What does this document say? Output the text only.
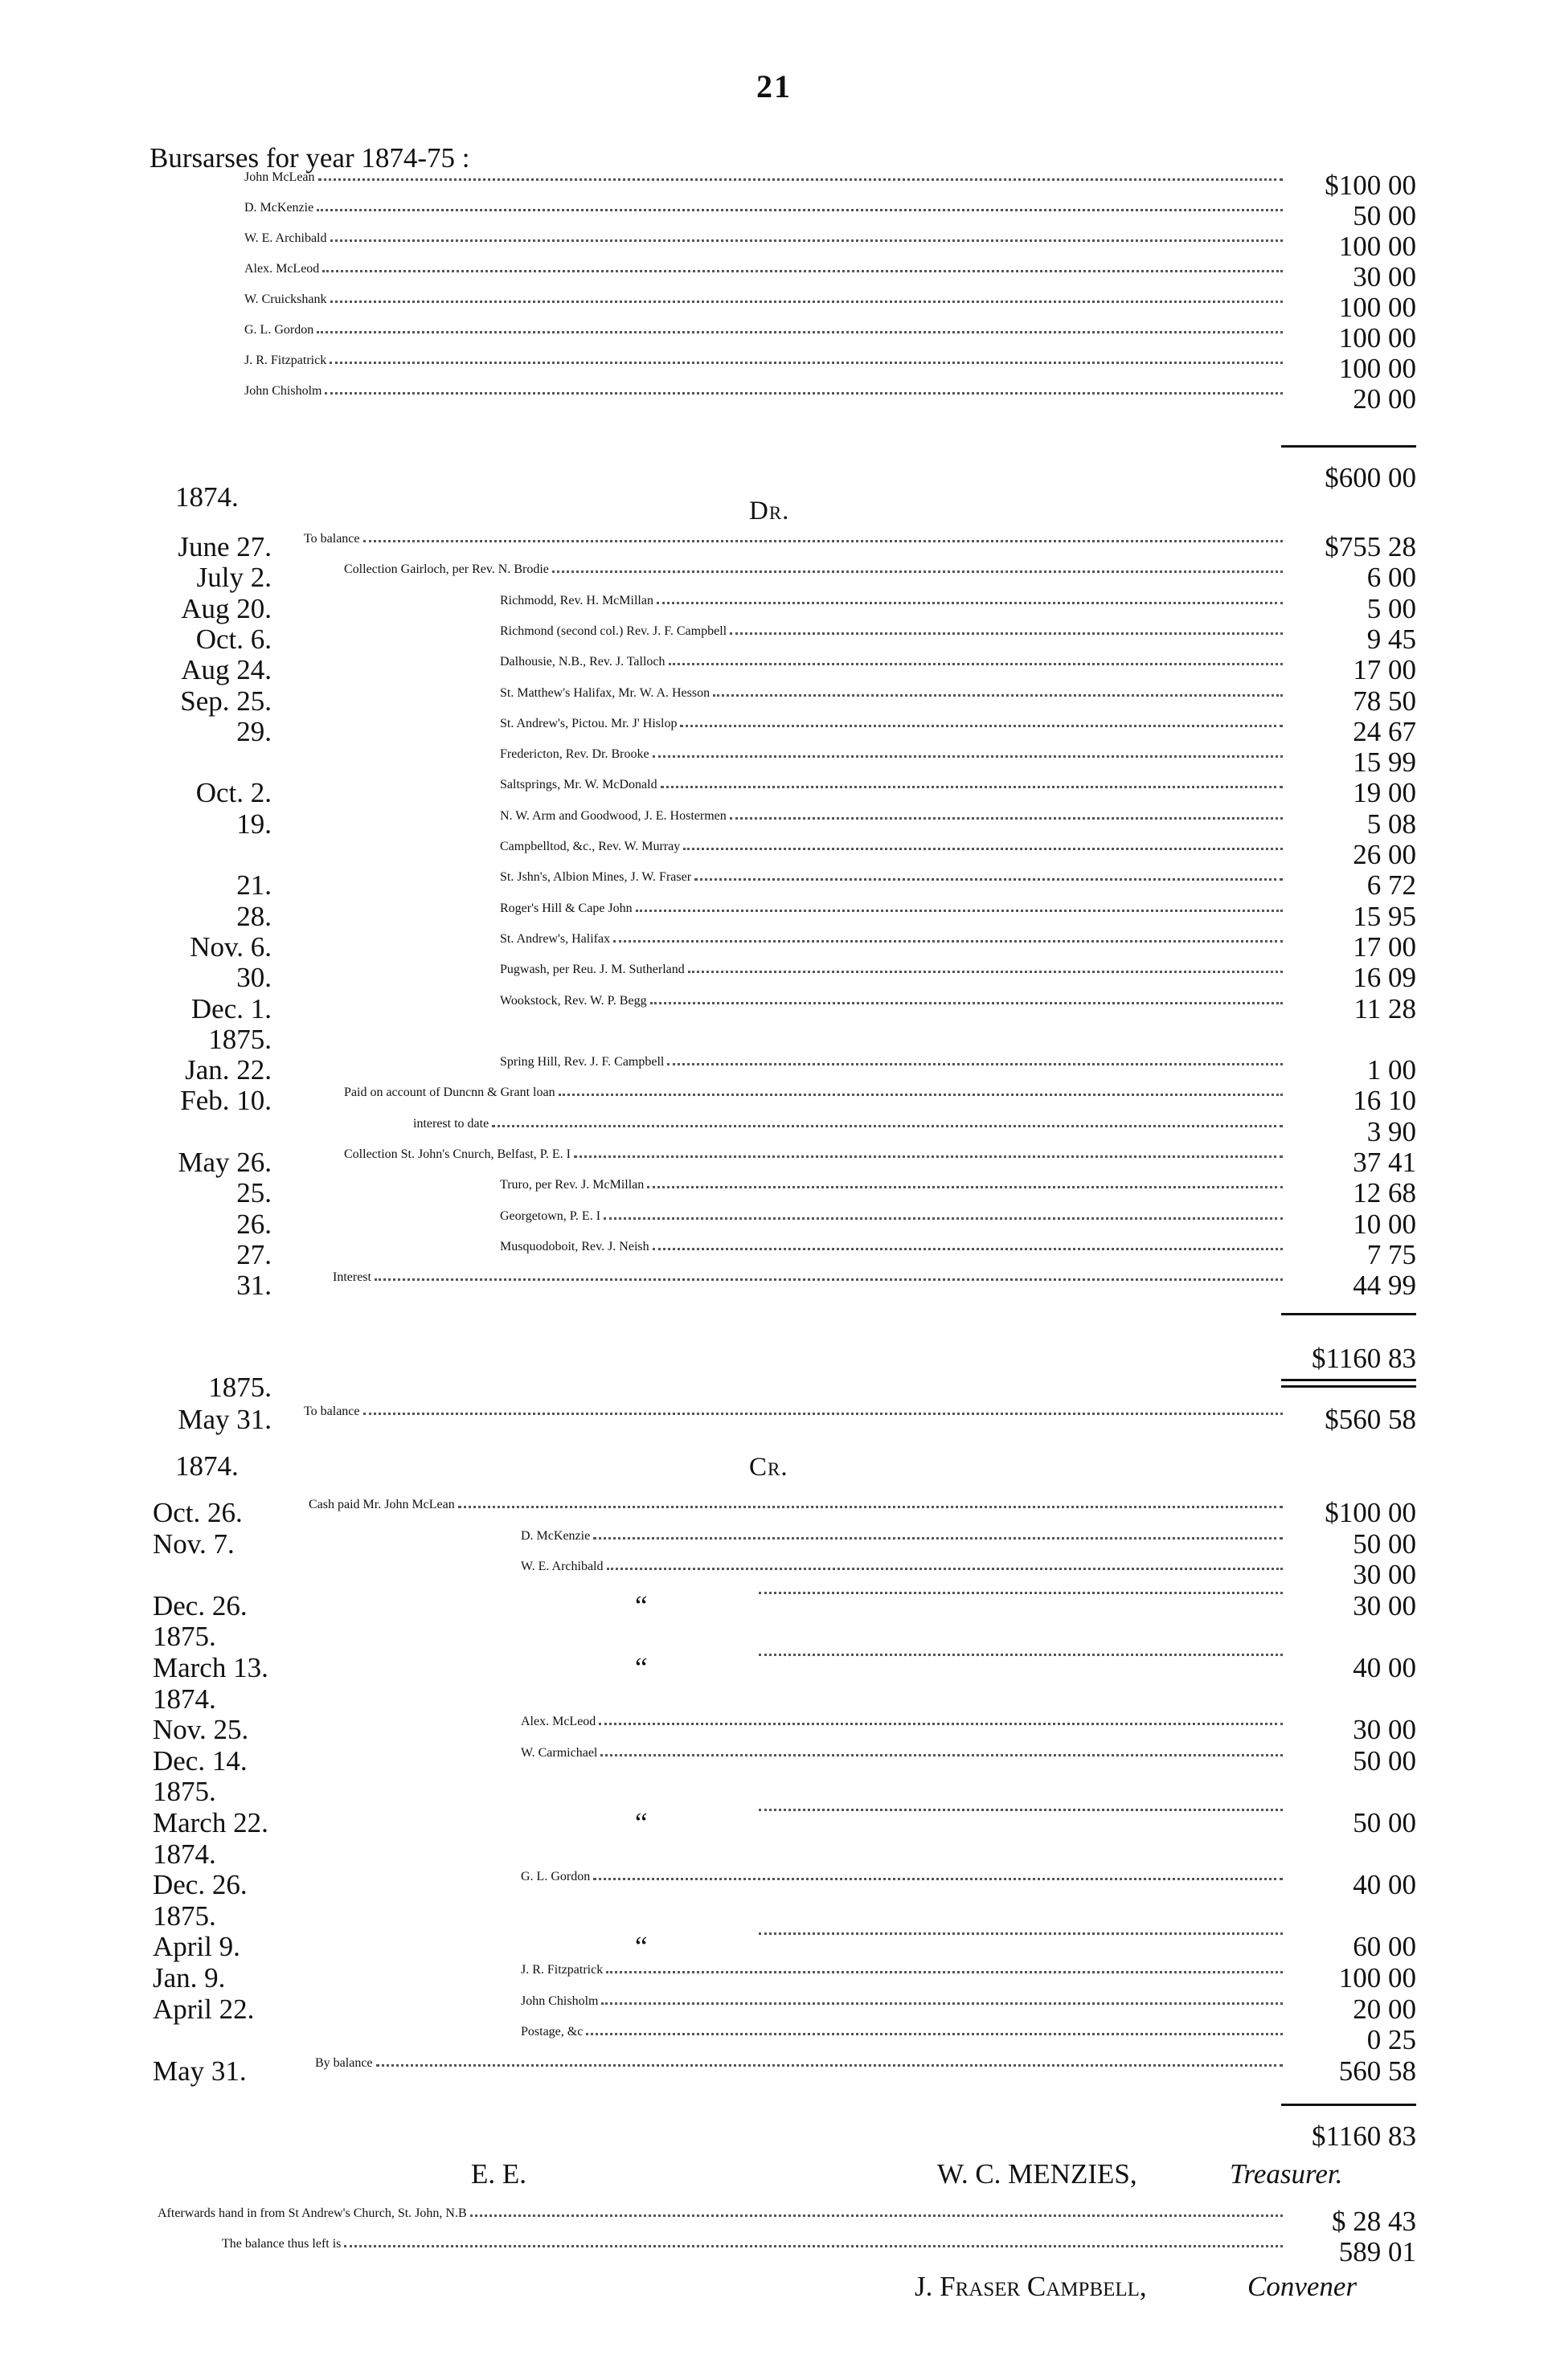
21
Bursarses for year 1874-75 :
John McLean	$100 00
D. McKenzie	50 00
W. E. Archibald	100 00
Alex. McLeod	30 00
W. Cruickshank	100 00
G. L. Gordon	100 00
J. R. Fitzpatrick	100 00
John Chisholm	20 00
$600 00
1874.	Dr.
June 27.	To balance	$755 28
July 2.	Collection Gairloch, per Rev. N. Brodie	6 00
Aug 20.	Richmodd, Rev. H. McMillan	5 00
Oct. 6.	Richmond (second col.) Rev. J. F. Campbell	9 45
Aug 24.	Dalhousie, N.B., Rev. J. Talloch	17 00
Sep. 25.	St. Matthew's Halifax, Mr. W. A. Hesson	78 50
29.	St. Andrew's, Pictou. Mr. J' Hislop	24 67
Fredericton, Rev. Dr. Brooke	15 99
Oct. 2.	Saltsprings, Mr. W. McDonald	19 00
19.	N. W. Arm and Goodwood, J. E. Hostermen	5 08
Campbelltod, &c., Rev. W. Murray	26 00
21.	St. Jshn's, Albion Mines, J. W. Fraser	6 72
28.	Roger's Hill & Cape John	15 95
Nov. 6.	St. Andrew's, Halifax	17 00
30.	Pugwash, per Reu. J. M. Sutherland	16 09
Dec. 1.	Wookstock, Rev. W. P. Begg	11 28
1875.
Jan. 22.	Spring Hill, Rev. J. F. Campbell	1 00
Feb. 10.	Paid on account of Duncnn & Grant loan	16 10
interest to date	3 90
May 26.	Collection St. John's Cnurch, Belfast, P. E. I	37 41
25.	Truro, per Rev. J. McMillan	12 68
26.	Georgetown, P. E. I	10 00
27.	Musquodoboit, Rev. J. Neish	7 75
31.	Interest	44 99
$1160 83
1875.
May 31.	To balance	$560 58
1874.	Cr.
Oct. 26.	Cash paid Mr. John McLean	$100 00
Nov. 7.	D. McKenzie	50 00
W. E. Archibald	30 00
Dec. 26.	“	30 00
1875.
March 13.	“	40 00
1874.
Nov. 25.	Alex. McLeod	30 00
Dec. 14.	W. Carmichael	50 00
1875.
March 22.	“	50 00
1874.
Dec. 26.	G. L. Gordon	40 00
1875.
April 9.	“	60 00
Jan. 9.	J. R. Fitzpatrick	100 00
April 22.	John Chisholm	20 00
Postage, &c	0 25
May 31.	By balance	560 58
$1160 83
E. E.	W. C. MENZIES,	Treasurer.
Afterwards hand in from St Andrew's Church, St. John, N.B	$ 28 43
The balance thus left is	589 01
J. Fraser Campbell,	Convener
